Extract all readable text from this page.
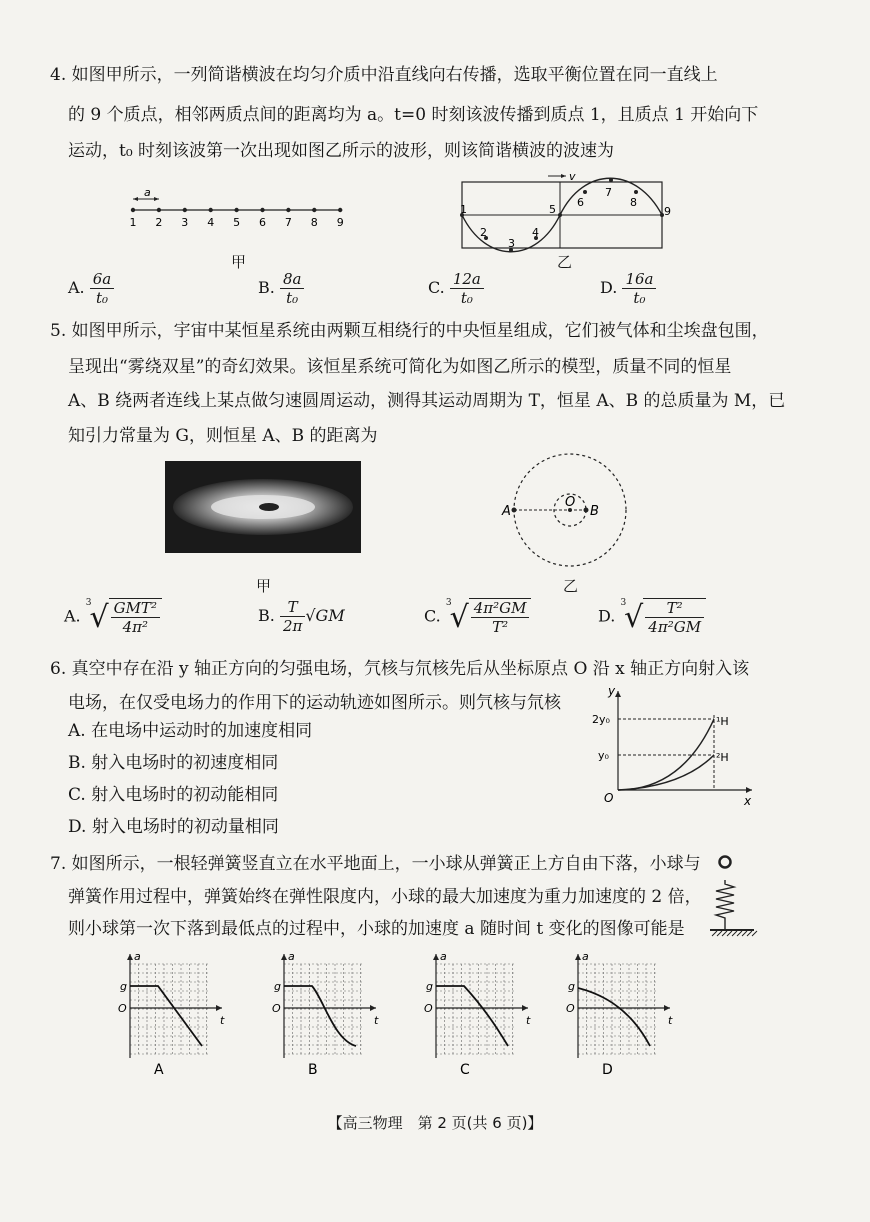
4. 如图甲所示，一列简谐横波在均匀介质中沿直线向右传播，选取平衡位置在同一直线上
的 9 个质点，相邻两质点间的距离均为 a。t=0 时刻该波传播到质点 1，且质点 1 开始向下
运动，t₀ 时刻该波第一次出现如图乙所示的波形，则该简谐横波的波速为
a
1 2 3 4 5 6 7 8 9
甲
v
1
2
3
4
5
6
7
8
9
乙
A. $\frac{6a}{\text{t₀}}$	B. $\frac{8a}{\text{t₀}}$	C. $\frac{12a}{\text{t₀}}$	D. $\frac{16a}{\text{t₀}}$
5. 如图甲所示，宇宙中某恒星系统由两颗互相绕行的中央恒星组成，它们被气体和尘埃盘包围，
呈现出“雾绕双星”的奇幻效果。该恒星系统可简化为如图乙所示的模型，质量不同的恒星
A、B 绕两者连线上某点做匀速圆周运动，测得其运动周期为 T，恒星 A、B 的总质量为 M，已
知引力常量为 G，则恒星 A、B 的距离为
甲
A
O
B
乙
A.
3
√ $\frac{\text{GMT²}}{\text{4π²}}$	B. $\frac{T}{2\pi} √GM$	C.
3
√ $\frac{\text{4π²GM}}{\text{T²}}$	D.
3
√ $\frac{\text{T²}}{\text{4π²GM}}$
6. 真空中存在沿 y 轴正方向的匀强电场，氕核与氘核先后从坐标原点 O 沿 x 轴正方向射入该
电场，在仅受电场力的作用下的运动轨迹如图所示。则氕核与氘核
A. 在电场中运动时的加速度相同
B. 射入电场时的初速度相同
C. 射入电场时的初动能相同
D. 射入电场时的初动量相同
y
x
O
2y₀
y₀
¹H
²H
7. 如图所示，一根轻弹簧竖直立在水平地面上，一小球从弹簧正上方自由下落，小球与
弹簧作用过程中，弹簧始终在弹性限度内，小球的最大加速度为重力加速度的 2 倍，
则小球第一次下落到最低点的过程中，小球的加速度 a 随时间 t 变化的图像可能是
a
t
g
O
A
a
t
g
O
B
a
t
g
O
C
a
t
g
O
D
【高三物理　第 2 页(共 6 页)】
